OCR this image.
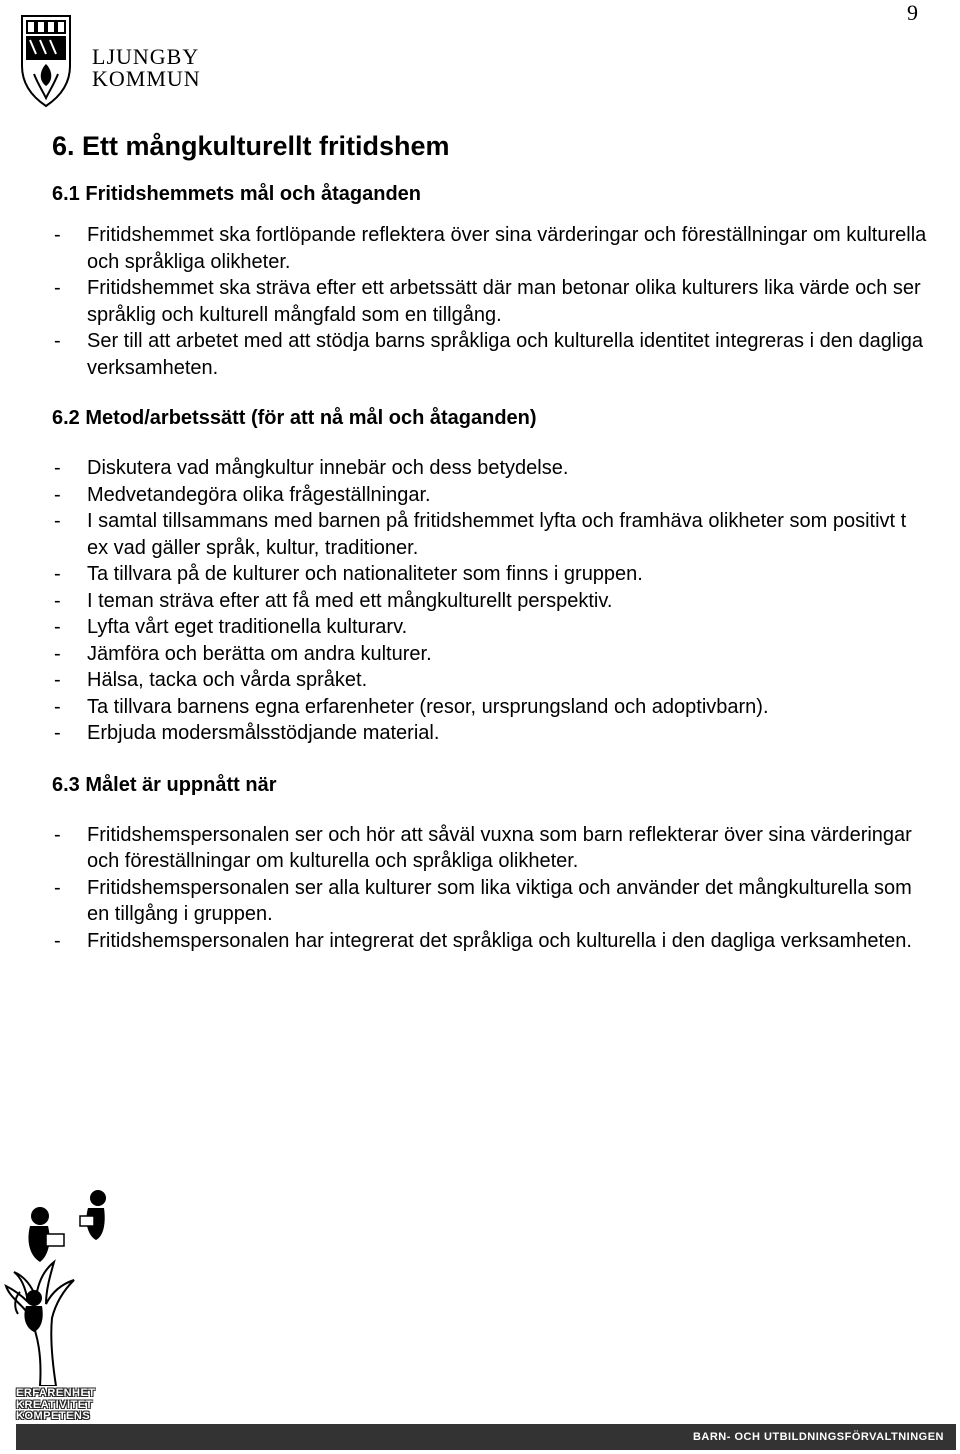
9
LJUNGBY
KOMMUN
6. Ett mångkulturellt fritidshem
6.1 Fritidshemmets mål och åtaganden
- Fritidshemmet ska fortlöpande reflektera över sina värderingar och föreställningar om kulturella och språkliga olikheter.
- Fritidshemmet ska sträva efter ett arbetssätt där man betonar olika kulturers lika värde och ser språklig och kulturell mångfald som en tillgång.
- Ser till att arbetet med att stödja barns språkliga och kulturella identitet integreras i den dagliga verksamheten.
6.2 Metod/arbetssätt (för att nå mål och åtaganden)
- Diskutera vad mångkultur innebär och dess betydelse.
- Medvetandegöra olika frågeställningar.
- I samtal tillsammans med barnen på fritidshemmet lyfta och framhäva olikheter som positivt t ex vad gäller språk, kultur, traditioner.
- Ta tillvara på de kulturer och nationaliteter som finns i gruppen.
- I teman sträva efter att få med ett mångkulturellt perspektiv.
- Lyfta vårt eget traditionella kulturarv.
- Jämföra och berätta om andra kulturer.
- Hälsa, tacka och vårda språket.
- Ta tillvara barnens egna erfarenheter (resor, ursprungsland och adoptivbarn).
- Erbjuda modersmålsstödjande material.
6.3 Målet är uppnått när
- Fritidshemspersonalen ser och hör att såväl vuxna som barn reflekterar över sina värderingar och föreställningar om kulturella och språkliga olikheter.
- Fritidshemspersonalen ser alla kulturer som lika viktiga och använder det mångkulturella som en tillgång i gruppen.
- Fritidshemspersonalen har integrerat det språkliga och kulturella i den dagliga verksamheten.
ERFARENHET
KREATIVITET
KOMPETENS
BARN- OCH UTBILDNINGSFÖRVALTNINGEN
